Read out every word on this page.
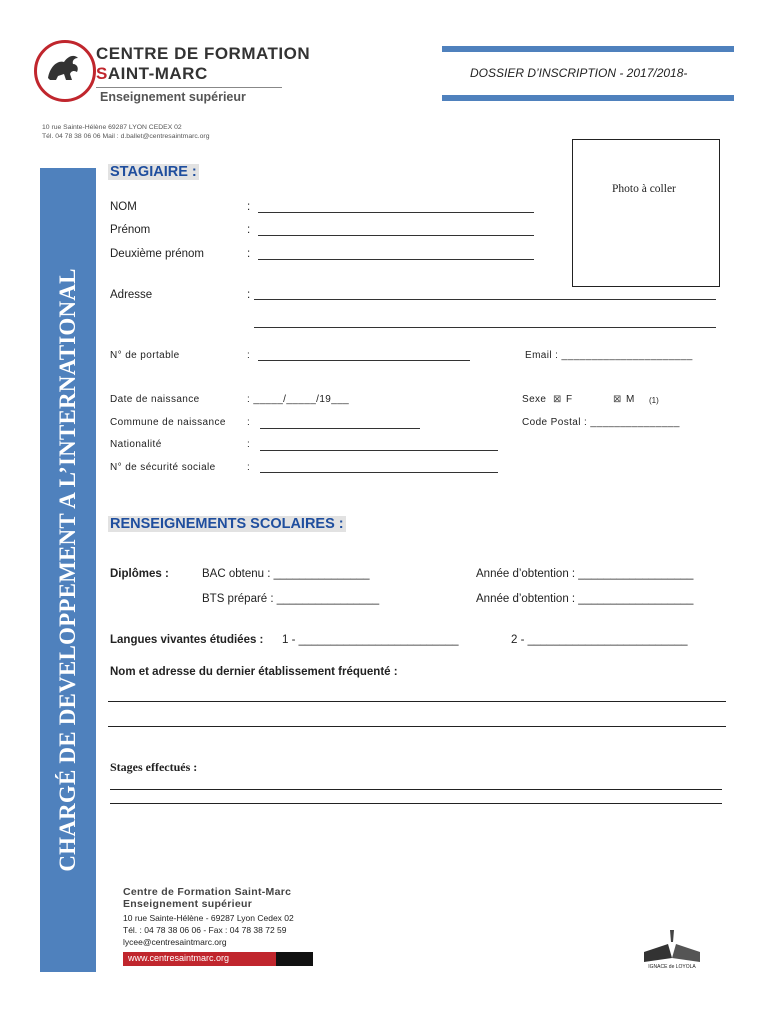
CENTRE DE FORMATION
SAINT-MARC
Enseignement supérieur
10 rue Sainte-Hélène 69287 LYON CEDEX 02
Tél. 04 78 38 06 06 Mail : d.ballet@centresaintmarc.org
DOSSIER D’INSCRIPTION - 2017/2018-
CHARGÉ DE DEVELOPPEMENT A L’INTERNATIONAL
Photo à coller
STAGIAIRE :
NOM	:
Prénom	:
Deuxième prénom	:
Adresse	:
N° de portable	:	Email : ______________________
Date de naissance	: _____/_____/19___	Sexe ⊠ F	⊠ M (1)
Commune de naissance :	Code Postal : _______________
Nationalité	:
N° de sécurité sociale	:
RENSEIGNEMENTS SCOLAIRES :
Diplômes :	BAC obtenu : _______________	Année d’obtention : __________________
BTS préparé : ________________	Année d’obtention : __________________
Langues vivantes étudiées : 1 - _________________________	2 - _________________________
Nom et adresse du dernier établissement fréquenté :
Stages effectués :
Centre de Formation Saint-Marc
Enseignement supérieur
10 rue Sainte-Hélène - 69287 Lyon Cedex 02
Tél. : 04 78 38 06 06 - Fax : 04 78 38 72 59
lycee@centresaintmarc.org
www.centresaintmarc.org
IGNACE de LOYOLA
